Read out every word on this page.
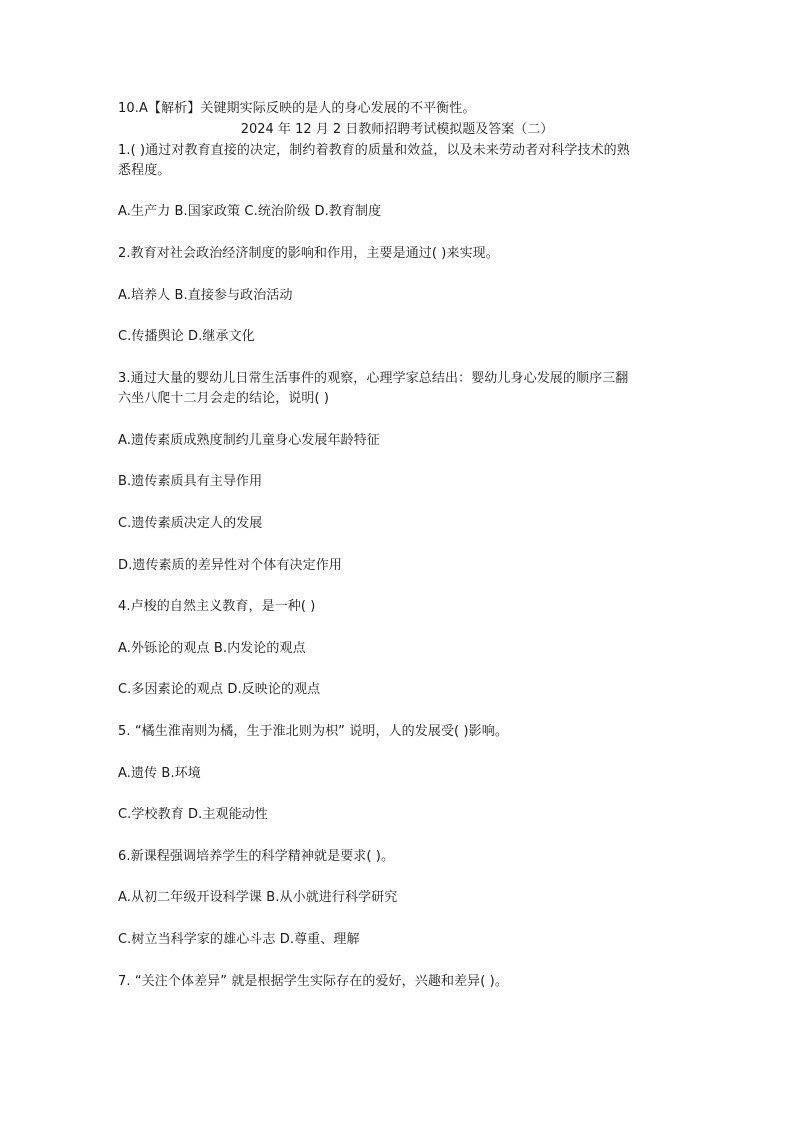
10.A【解析】关键期实际反映的是人的身心发展的不平衡性。
2024 年 12 月 2 日教师招聘考试模拟题及答案（二）
1.( )通过对教育直接的决定，制约着教育的质量和效益，以及未来劳动者对科学技术的熟
悉程度。
A.生产力 B.国家政策 C.统治阶级 D.教育制度
2.教育对社会政治经济制度的影响和作用，主要是通过( )来实现。
A.培养人 B.直接参与政治活动
C.传播舆论 D.继承文化
3.通过大量的婴幼儿日常生活事件的观察，心理学家总结出：婴幼儿身心发展的顺序三翻
六坐八爬十二月会走的结论，说明( )
A.遗传素质成熟度制约儿童身心发展年龄特征
B.遗传素质具有主导作用
C.遗传素质决定人的发展
D.遗传素质的差异性对个体有决定作用
4.卢梭的自然主义教育，是一种( )
A.外铄论的观点 B.内发论的观点
C.多因素论的观点 D.反映论的观点
5. “橘生淮南则为橘，生于淮北则为枳” 说明，人的发展受( )影响。
A.遗传 B.环境
C.学校教育 D.主观能动性
6.新课程强调培养学生的科学精神就是要求( )。
A.从初二年级开设科学课 B.从小就进行科学研究
C.树立当科学家的雄心斗志 D.尊重、理解
7. “关注个体差异” 就是根据学生实际存在的爱好，兴趣和差异( )。
